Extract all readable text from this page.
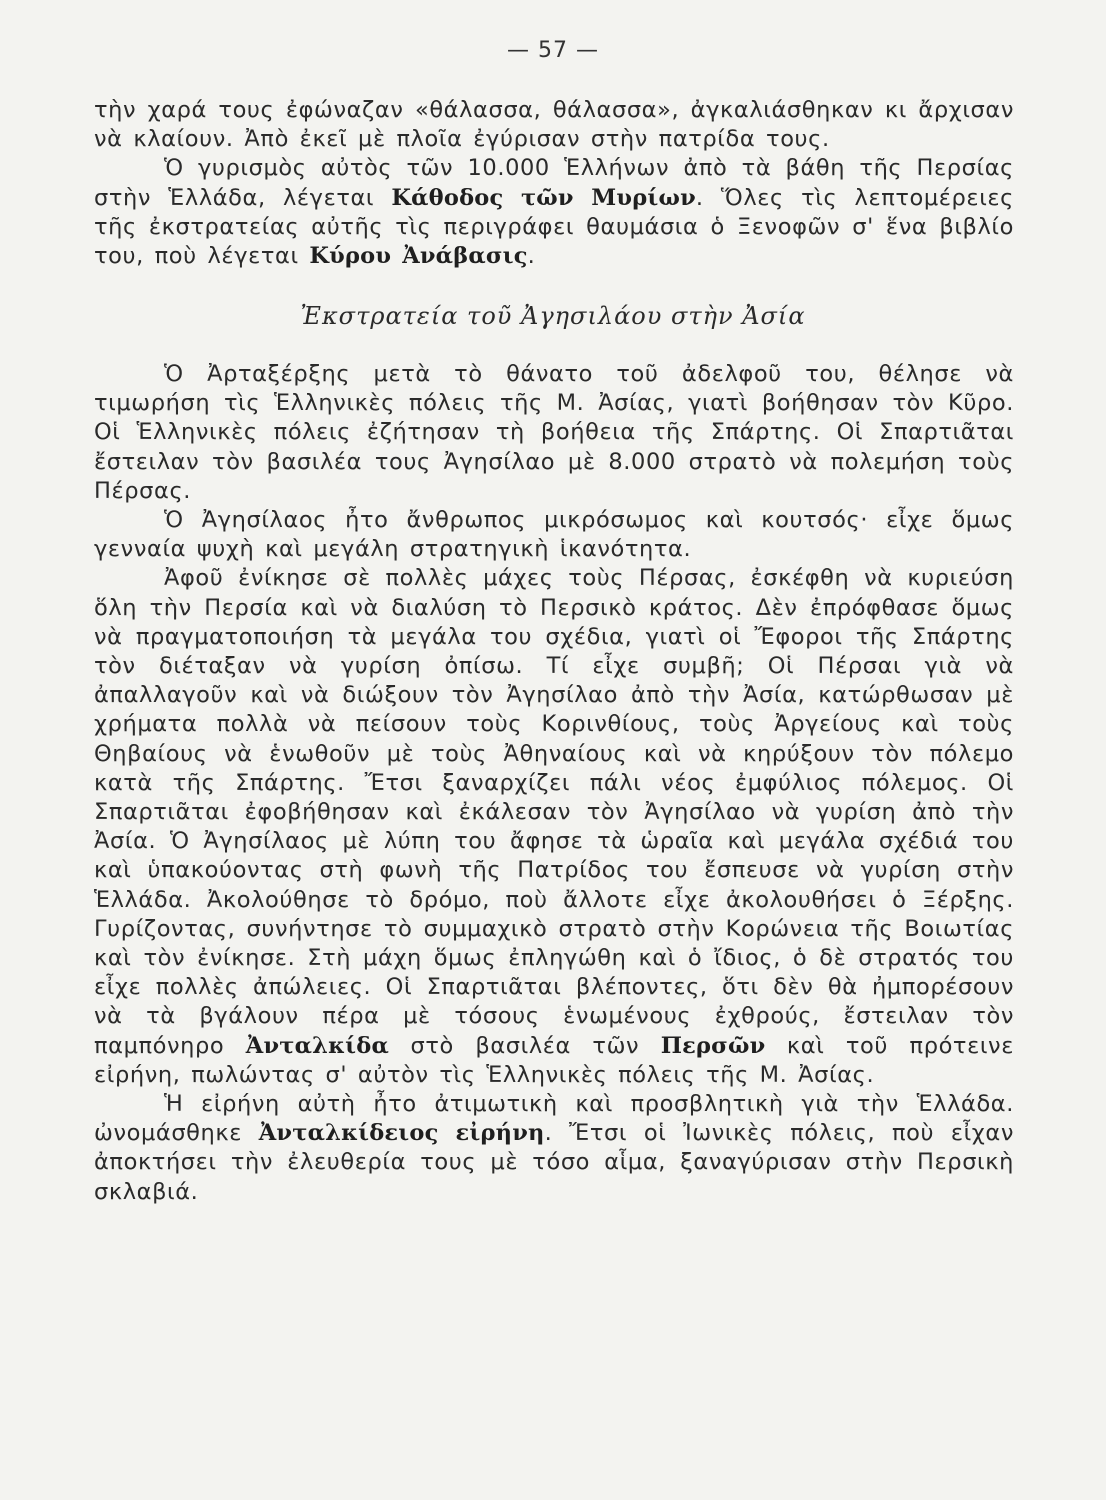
— 57 —

τὴν χαρά τους ἐφώναζαν «θάλασσα, θάλασσα», ἀγκαλιάσθηκαν κι ἄρχισαν νὰ κλαίουν. Ἀπὸ ἐκεῖ μὲ πλοῖα ἐγύρισαν στὴν πατρίδα τους.

Ὁ γυρισμὸς αὐτὸς τῶν 10.000 Ἑλλήνων ἀπὸ τὰ βάθη τῆς Περσίας στὴν Ἑλλάδα, λέγεται Κάθοδος τῶν Μυρίων. Ὅλες τὶς λεπτομέρειες τῆς ἐκστρατείας αὐτῆς τὶς περιγράφει θαυμάσια ὁ Ξενοφῶν σ' ἕνα βιβλίο του, ποὺ λέγεται Κύρου Ἀνάβασις.

Ἐκστρατεία τοῦ Ἀγησιλάου στὴν Ἀσία

Ὁ Ἀρταξέρξης μετὰ τὸ θάνατο τοῦ ἀδελφοῦ του, θέλησε νὰ τιμωρήση τὶς Ἑλληνικὲς πόλεις τῆς Μ. Ἀσίας, γιατὶ βοήθησαν τὸν Κῦρο. Οἱ Ἑλληνικὲς πόλεις ἐζήτησαν τὴ βοήθεια τῆς Σπάρτης. Οἱ Σπαρτιᾶται ἔστειλαν τὸν βασιλέα τους Ἀγησίλαο μὲ 8.000 στρατὸ νὰ πολεμήση τοὺς Πέρσας.

Ὁ Ἀγησίλαος ἦτο ἄνθρωπος μικρόσωμος καὶ κουτσός· εἶχε ὅμως γενναία ψυχὴ καὶ μεγάλη στρατηγικὴ ἱκανότητα.

Ἀφοῦ ἐνίκησε σὲ πολλὲς μάχες τοὺς Πέρσας, ἐσκέφθη νὰ κυριεύση ὅλη τὴν Περσία καὶ νὰ διαλύση τὸ Περσικὸ κράτος. Δὲν ἐπρόφθασε ὅμως νὰ πραγματοποιήση τὰ μεγάλα του σχέδια, γιατὶ οἱ Ἔφοροι τῆς Σπάρτης τὸν διέταξαν νὰ γυρίση ὀπίσω. Τί εἶχε συμβῆ; Οἱ Πέρσαι γιὰ νὰ ἀπαλλαγοῦν καὶ νὰ διώξουν τὸν Ἀγησίλαο ἀπὸ τὴν Ἀσία, κατώρθωσαν μὲ χρήματα πολλὰ νὰ πείσουν τοὺς Κορινθίους, τοὺς Ἀργείους καὶ τοὺς Θηβαίους νὰ ἑνωθοῦν μὲ τοὺς Ἀθηναίους καὶ νὰ κηρύξουν τὸν πόλεμο κατὰ τῆς Σπάρτης. Ἔτσι ξαναρχίζει πάλι νέος ἐμφύλιος πόλεμος. Οἱ Σπαρτιᾶται ἐφοβήθησαν καὶ ἐκάλεσαν τὸν Ἀγησίλαο νὰ γυρίση ἀπὸ τὴν Ἀσία. Ὁ Ἀγησίλαος μὲ λύπη του ἄφησε τὰ ὡραῖα καὶ μεγάλα σχέδιά του καὶ ὑπακούοντας στὴ φωνὴ τῆς Πατρίδος του ἔσπευσε νὰ γυρίση στὴν Ἑλλάδα. Ἀκολούθησε τὸ δρόμο, ποὺ ἄλλοτε εἶχε ἀκολουθήσει ὁ Ξέρξης. Γυρίζοντας, συνήντησε τὸ συμμαχικὸ στρατὸ στὴν Κορώνεια τῆς Βοιωτίας καὶ τὸν ἐνίκησε. Στὴ μάχη ὅμως ἐπληγώθη καὶ ὁ ἴδιος, ὁ δὲ στρατός του εἶχε πολλὲς ἀπώλειες. Οἱ Σπαρτιᾶται βλέποντες, ὅτι δὲν θὰ ἠμπορέσουν νὰ τὰ βγάλουν πέρα μὲ τόσους ἑνωμένους ἐχθρούς, ἔστειλαν τὸν παμπόνηρο Ἀνταλκίδα στὸ βασιλέα τῶν Περσῶν καὶ τοῦ πρότεινε εἰρήνη, πωλώντας σ' αὐτὸν τὶς Ἑλληνικὲς πόλεις τῆς Μ. Ἀσίας.

Ἡ εἰρήνη αὐτὴ ἦτο ἀτιμωτικὴ καὶ προσβλητικὴ γιὰ τὴν Ἑλλάδα. ὠνομάσθηκε Ἀνταλκίδειος εἰρήνη. Ἔτσι οἱ Ἰωνικὲς πόλεις, ποὺ εἶχαν ἀποκτήσει τὴν ἐλευθερία τους μὲ τόσο αἷμα, ξαναγύρισαν στὴν Περσικὴ σκλαβιά.
